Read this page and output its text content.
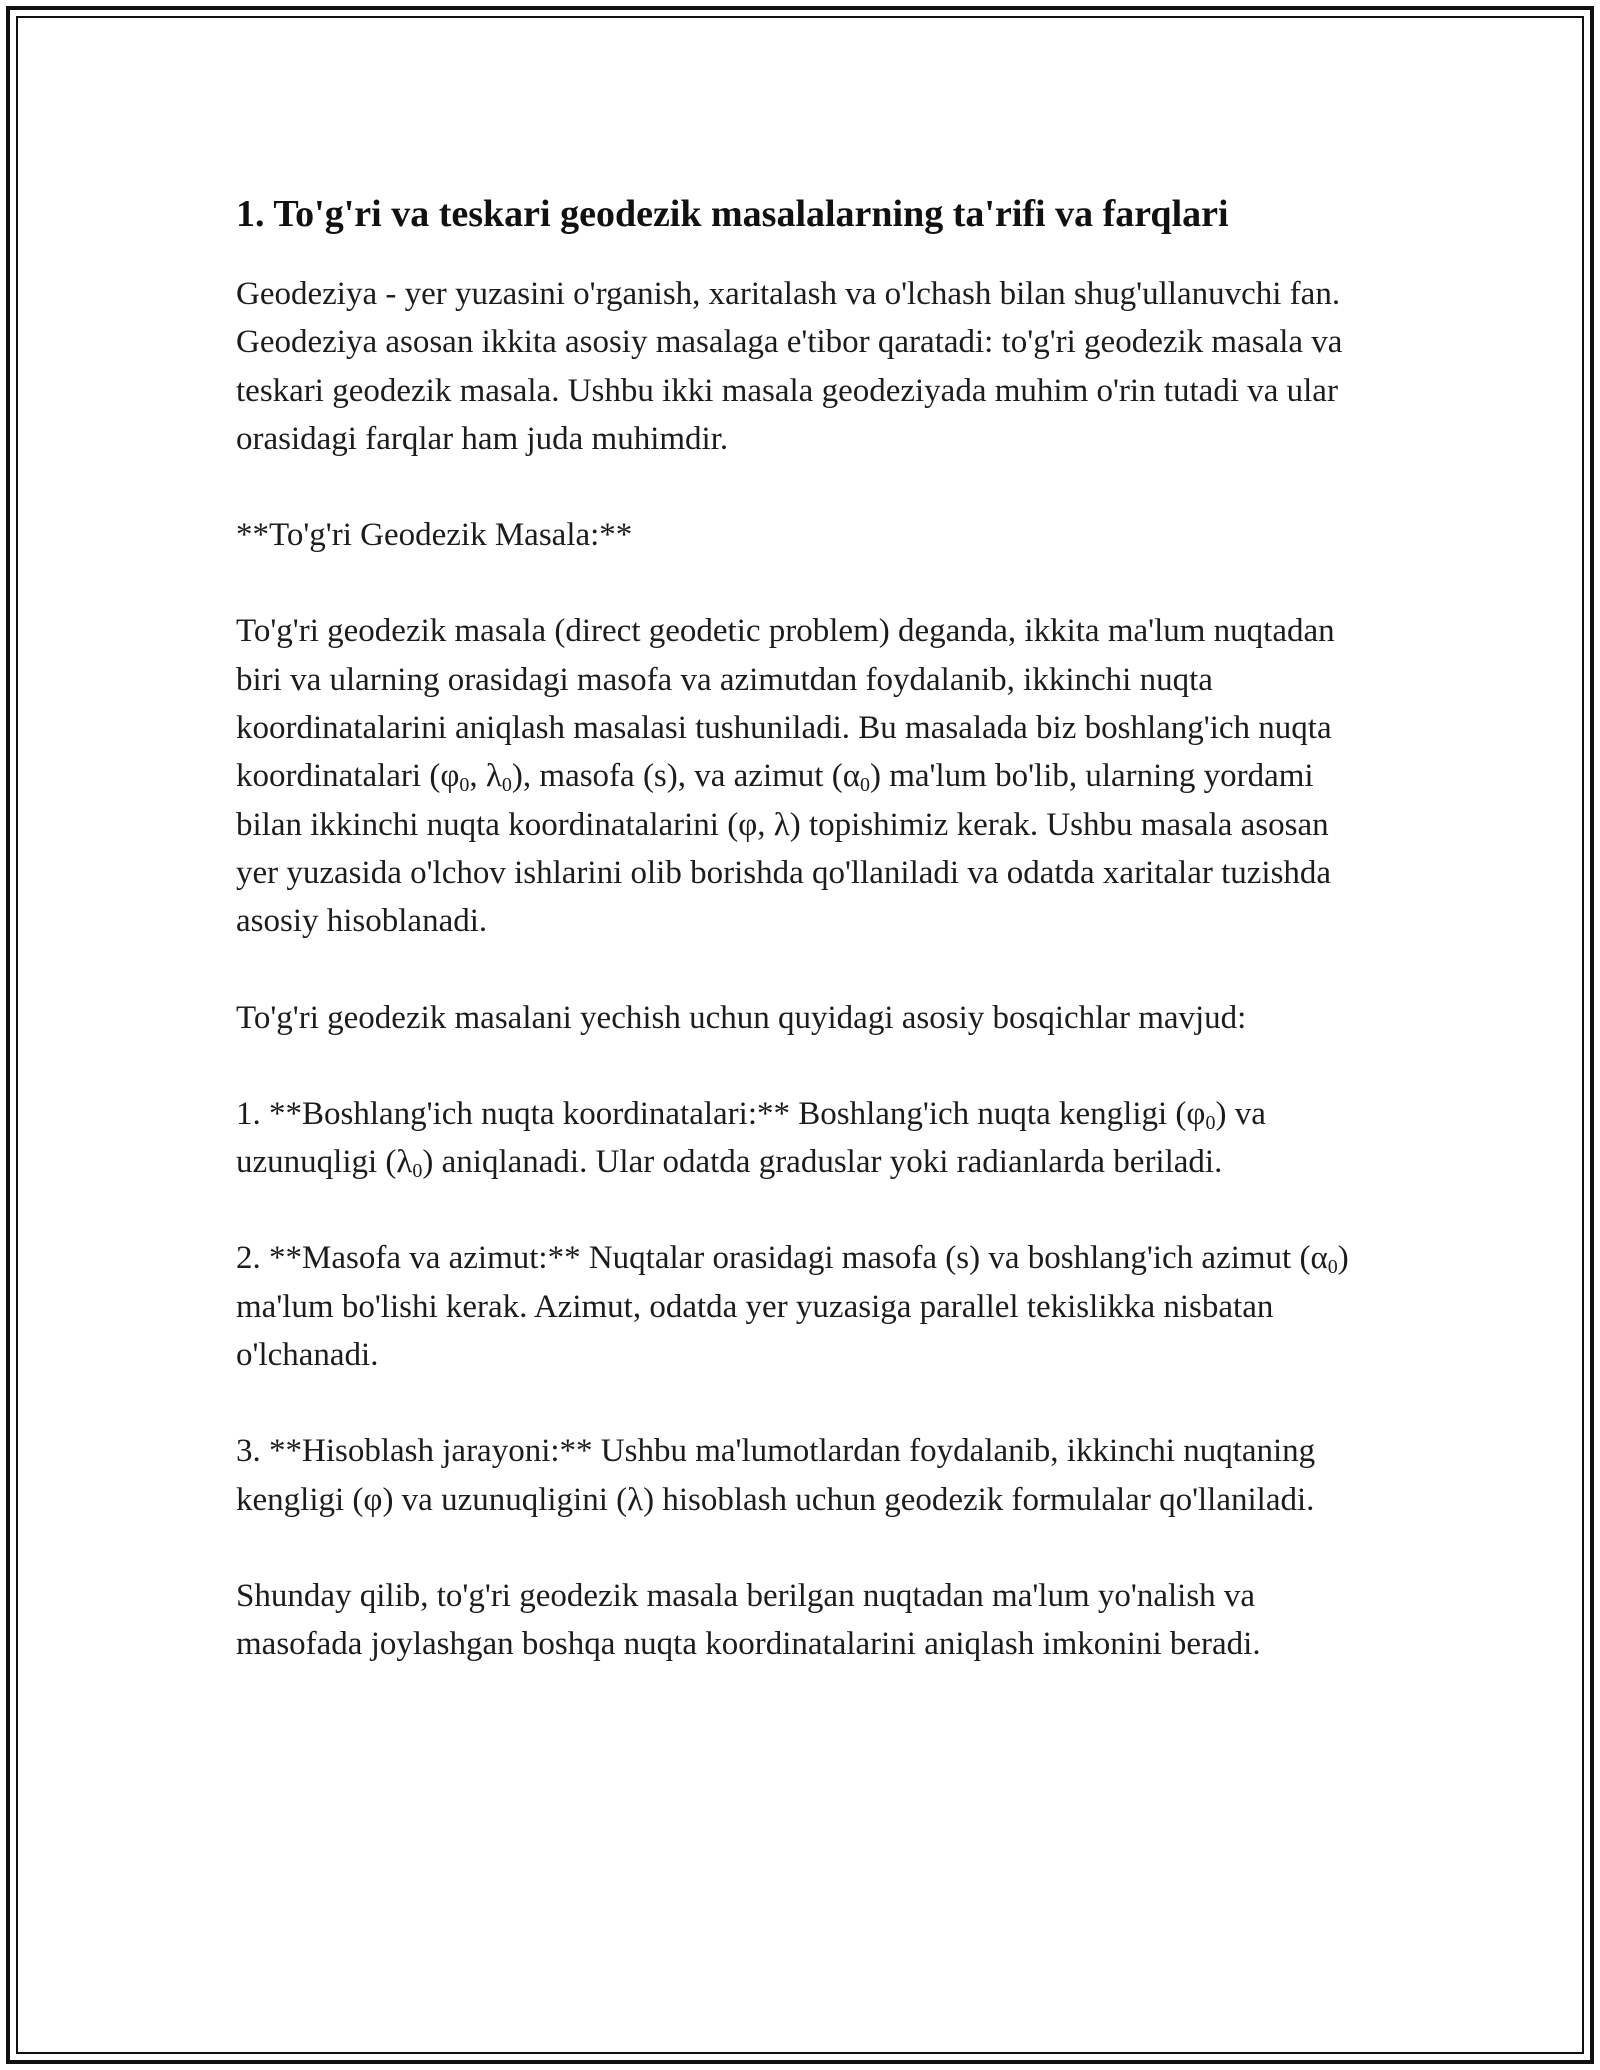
1. To'g'ri va teskari geodezik masalalarning ta'rifi va farqlari

Geodeziya - yer yuzasini o'rganish, xaritalash va o'lchash bilan shug'ullanuvchi fan. Geodeziya asosan ikkita asosiy masalaga e'tibor qaratadi: to'g'ri geodezik masala va teskari geodezik masala. Ushbu ikki masala geodeziyada muhim o'rin tutadi va ular orasidagi farqlar ham juda muhimdir.

**To'g'ri Geodezik Masala:**

To'g'ri geodezik masala (direct geodetic problem) deganda, ikkita ma'lum nuqtadan biri va ularning orasidagi masofa va azimutdan foydalanib, ikkinchi nuqta koordinatalarini aniqlash masalasi tushuniladi. Bu masalada biz boshlang'ich nuqta koordinatalari ($\varphi_0$, $\lambda_0$), masofa (s), va azimut $(\alpha_0)$ ma'lum bo'lib, ularning yordami bilan ikkinchi nuqta koordinatalarini (φ, λ) topishimiz kerak. Ushbu masala asosan yer yuzasida o'lchov ishlarini olib borishda qo'llaniladi va odatda xaritalar tuzishda asosiy hisoblanadi.

To'g'ri geodezik masalani yechish uchun quyidagi asosiy bosqichlar mavjud:

1. **Boshlang'ich nuqta koordinatalari:** Boshlang'ich nuqta kengligi $(\varphi_0)$ va uzunuqligi $(\lambda_0)$ aniqlanadi. Ular odatda graduslar yoki radianlarda beriladi.

2. **Masofa va azimut:** Nuqtalar orasidagi masofa (s) va boshlang'ich azimut $(\alpha_0)$ ma'lum bo'lishi kerak. Azimut, odatda yer yuzasiga parallel tekislikka nisbatan o'lchanadi.

3. **Hisoblash jarayoni:** Ushbu ma'lumotlardan foydalanib, ikkinchi nuqtaning kengligi (φ) va uzunuqligini (λ) hisoblash uchun geodezik formulalar qo'llaniladi.

Shunday qilib, to'g'ri geodezik masala berilgan nuqtadan ma'lum yo'nalish va masofada joylashgan boshqa nuqta koordinatalarini aniqlash imkonini beradi.
